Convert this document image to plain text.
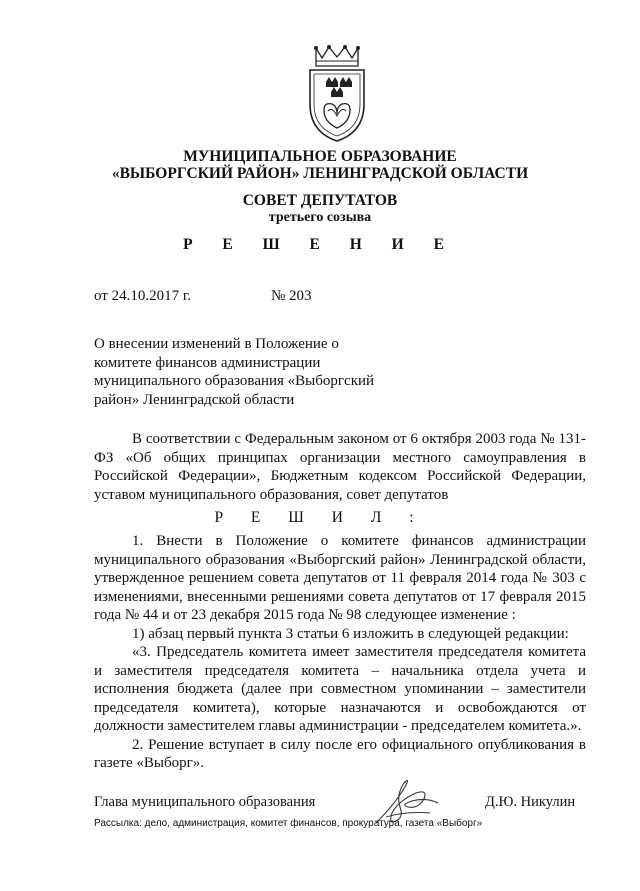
МУНИЦИПАЛЬНОЕ ОБРАЗОВАНИЕ
«ВЫБОРГСКИЙ РАЙОН» ЛЕНИНГРАДСКОЙ ОБЛАСТИ
СОВЕТ ДЕПУТАТОВ
третьего созыва
Р Е Ш Е Н И Е
от 24.10.2017 г.	№ 203
О внесении изменений в Положение о комитете финансов администрации муниципального образования «Выборгский район» Ленинградской области

В соответствии с Федеральным законом от 6 октября 2003 года № 131-ФЗ «Об общих принципах организации местного самоуправления в Российской Федерации», Бюджетным кодексом Российской Федерации, уставом муниципального образования, совет депутатов

Р Е Ш И Л :

1. Внести в Положение о комитете финансов администрации муниципального образования «Выборгский район» Ленинградской области, утвержденное решением совета депутатов от 11 февраля 2014 года № 303 с изменениями, внесенными решениями совета депутатов от 17 февраля 2015 года № 44 и от 23 декабря 2015 года № 98 следующее изменение :

1) абзац первый пункта 3 статьи 6 изложить в следующей редакции:

«3. Председатель комитета имеет заместителя председателя комитета и заместителя председателя комитета – начальника отдела учета и исполнения бюджета (далее при совместном упоминании – заместители председателя комитета), которые назначаются и освобождаются от должности заместителем главы администрации - председателем комитета.».

2. Решение вступает в силу после его официального опубликования в газете «Выборг».

Глава муниципального образования	Д.Ю. Никулин
Рассылка: дело, администрация, комитет финансов, прокуратура, газета «Выборг»
